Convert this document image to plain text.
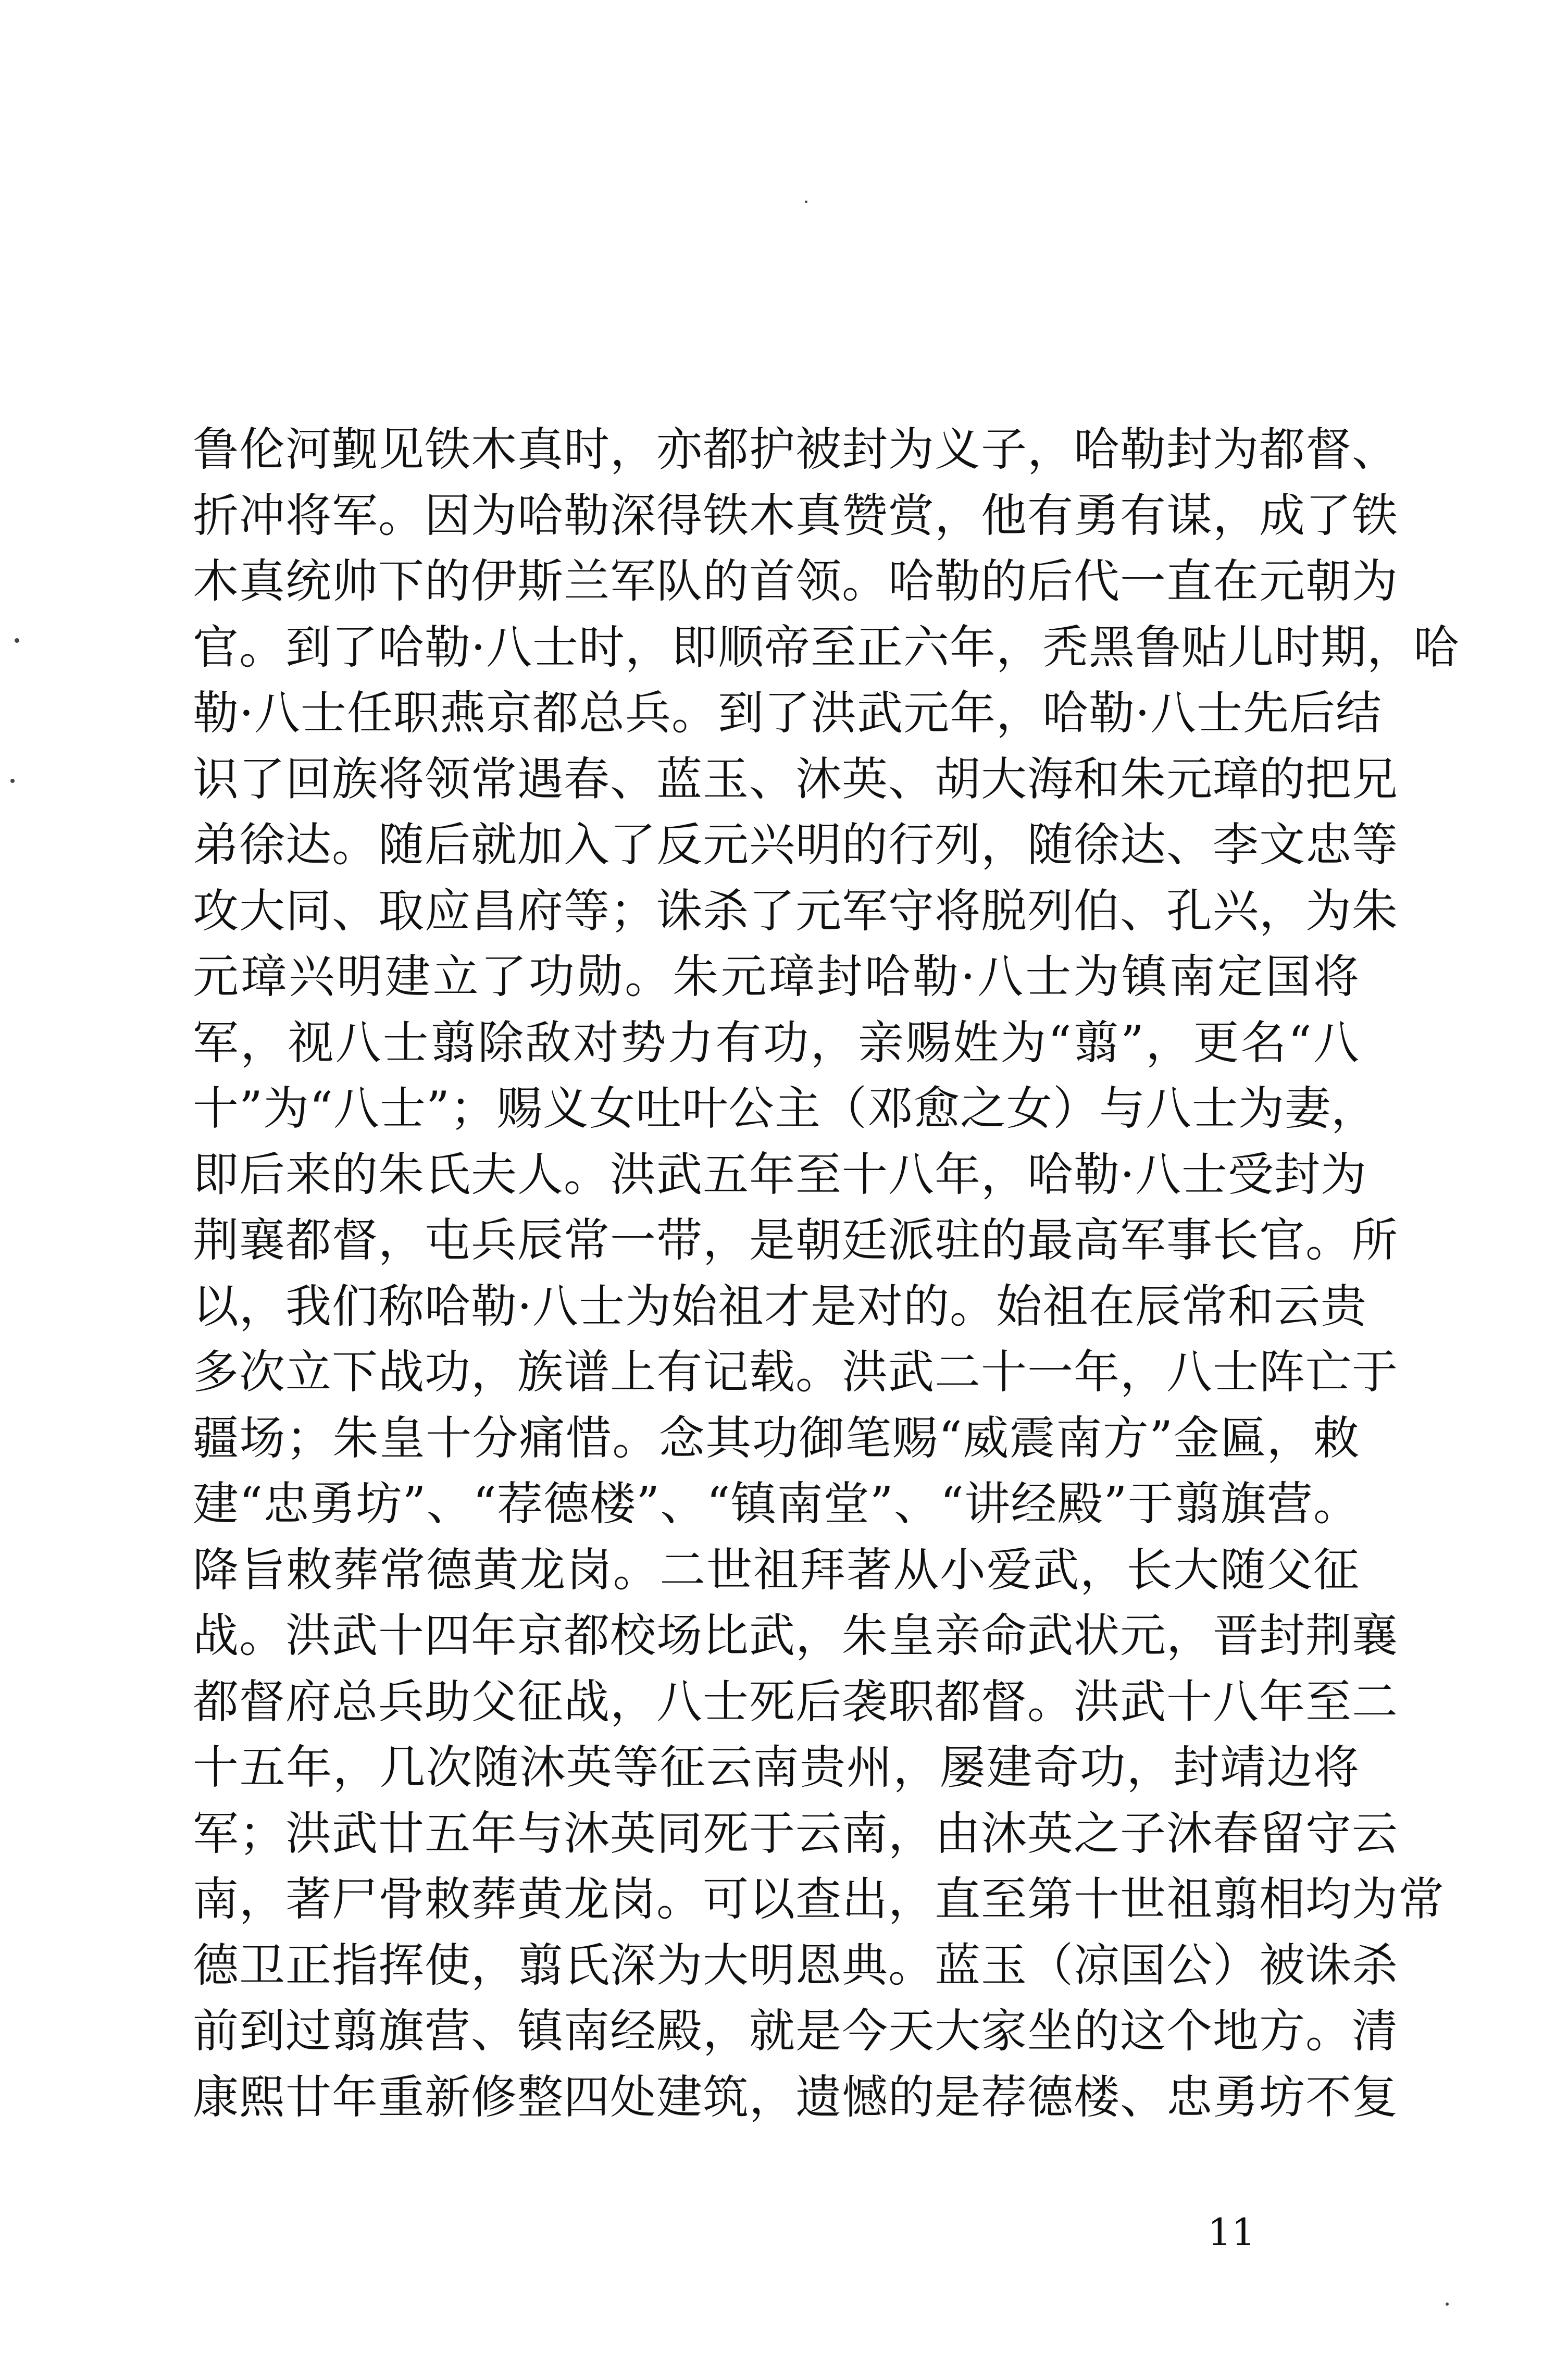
鲁伦河觐见铁木真时，亦都护被封为义子，哈勒封为都督、
折冲将军。因为哈勒深得铁木真赞赏，他有勇有谋，成了铁
木真统帅下的伊斯兰军队的首领。哈勒的后代一直在元朝为
官。到了哈勒·八士时，即顺帝至正六年，秃黑鲁贴儿时期，哈
勒·八士任职燕京都总兵。到了洪武元年，哈勒·八士先后结
识了回族将领常遇春、蓝玉、沐英、胡大海和朱元璋的把兄
弟徐达。随后就加入了反元兴明的行列，随徐达、李文忠等
攻大同、取应昌府等；诛杀了元军守将脱列伯、孔兴，为朱
元璋兴明建立了功勋。朱元璋封哈勒·八士为镇南定国将
军，视八士翦除敌对势力有功，亲赐姓为“翦”，更名“八
十”为“八士”；赐义女吐叶公主（邓愈之女）与八士为妻，
即后来的朱氏夫人。洪武五年至十八年，哈勒·八士受封为
荆襄都督，屯兵辰常一带，是朝廷派驻的最高军事长官。所
以，我们称哈勒·八士为始祖才是对的。始祖在辰常和云贵
多次立下战功，族谱上有记载。洪武二十一年，八士阵亡于
疆场；朱皇十分痛惜。念其功御笔赐“威震南方”金匾，敕
建“忠勇坊”、“荐德楼”、“镇南堂”、“讲经殿”于翦旗营。
降旨敕葬常德黄龙岗。二世祖拜著从小爱武，长大随父征
战。洪武十四年京都校场比武，朱皇亲命武状元，晋封荆襄
都督府总兵助父征战，八士死后袭职都督。洪武十八年至二
十五年，几次随沐英等征云南贵州，屡建奇功，封靖边将
军；洪武廿五年与沐英同死于云南，由沐英之子沐春留守云
南，著尸骨敕葬黄龙岗。可以查出，直至第十世祖翦相均为常
德卫正指挥使，翦氏深为大明恩典。蓝玉（凉国公）被诛杀
前到过翦旗营、镇南经殿，就是今天大家坐的这个地方。清
康熙廿年重新修整四处建筑，遗憾的是荐德楼、忠勇坊不复
11
